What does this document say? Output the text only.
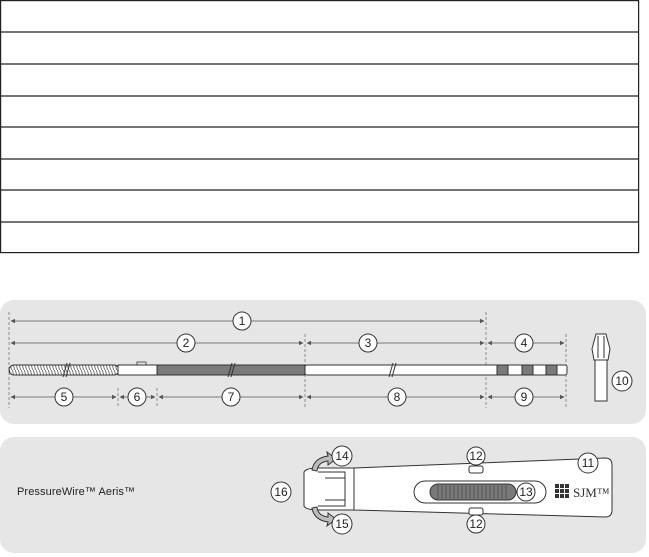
1
2	3	4
5	6	7	8	9
10
PressureWire™ Aeris™	SJM™
11
12
12
13
14
15
16
